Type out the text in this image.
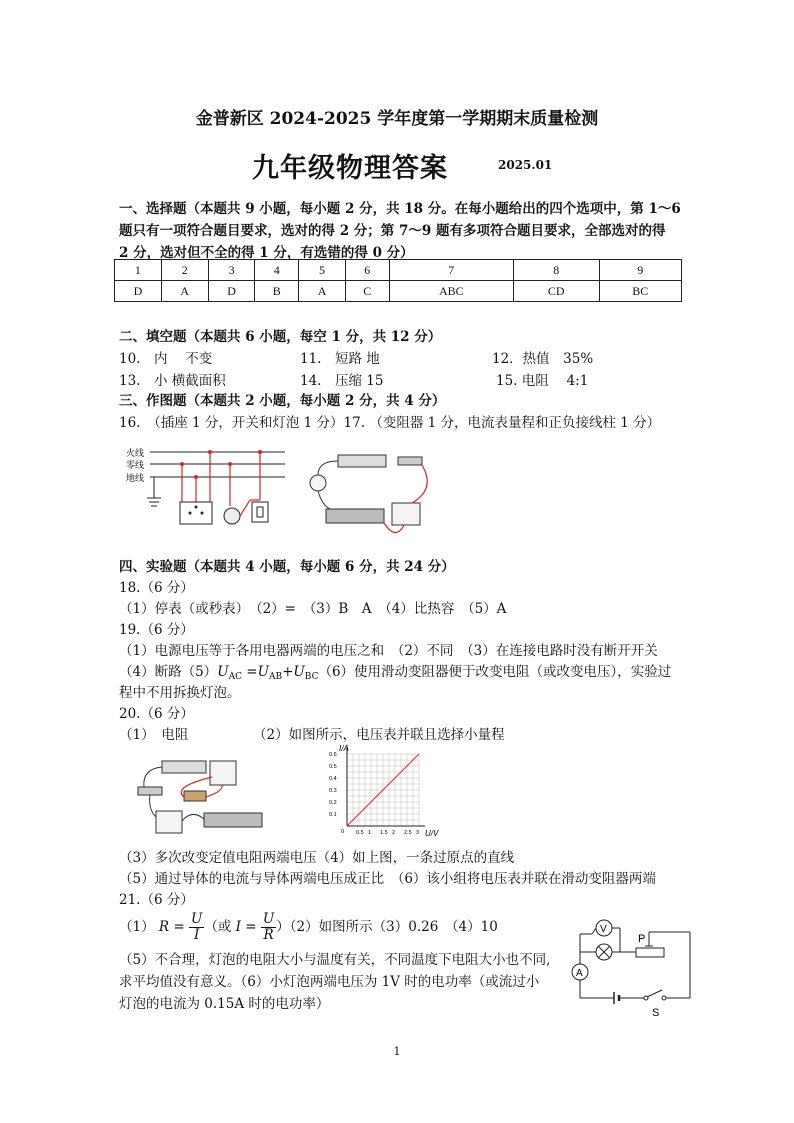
金普新区 2024-2025 学年度第一学期期末质量检测
九年级物理答案	2025.01
一、选择题（本题共 9 小题，每小题 2 分，共 18 分。在每小题给出的四个选项中，第 1～6
题只有一项符合题目要求，选对的得 2 分；第 7～9 题有多项符合题目要求，全部选对的得
2 分，选对但不全的得 1 分，有选错的得 0 分）
1	2	3	4	5	6	7	8	9
D	A	D	B	A	C	ABC	CD	BC
二、填空题（本题共 6 小题，每空 1 分，共 12 分）
10.　内　 不变	11.　短路 地	12．热值　35%
13.　小 横截面积	14.　压缩 15	15. 电阻　 4:1
三、作图题（本题共 2 小题，每小题 2 分，共 4 分）
16.　（插座 1 分，开关和灯泡 1 分）17. （变阻器 1 分，电流表量程和正负接线柱 1 分）
火线
零线
地线
四、实验题（本题共 4 小题，每小题 6 分，共 24 分）
18.（6 分）
（1）停表（或秒表）　（2）=　（3）B　A　（4）比热容　（5）A
19.（6 分）
（1）电源电压等于各用电器两端的电压之和　（2）不同　（3）在连接电路时没有断开开关
（4）断路$(5)U_{AC} =U_{AB}+U_{BC}(6)$使用滑动变阻器便于改变电阻（或改变电压），实验过
程中不用拆换灯泡。
20.（6 分）
（1）　电阻	（2）如图所示，电压表并联且选择小量程
I/A
U/V
0.5 1 1.5 2 2.5 3
0.1
0.2
0.3
0.4
0.5
0.6
0
（3）多次改变定值电阻两端电压（4）如上图，一条过原点的直线
（5）通过导体的电流与导体两端电压成正比　（6）该小组将电压表并联在滑动变阻器两端
21.（6 分）
（1） $R = \frac{U}{I}$ （或 $I = \frac{U}{R} )(2)$如图所示（3）0.26　（4）10
（5）不合理，灯泡的电阻大小与温度有关，不同温度下电阻大小也不同,
求平均值没有意义。（6）小灯泡两端电压为 1V 时的电功率（或流过小
灯泡的电流为 0.15A 时的电功率）
P
A
V
S
1
